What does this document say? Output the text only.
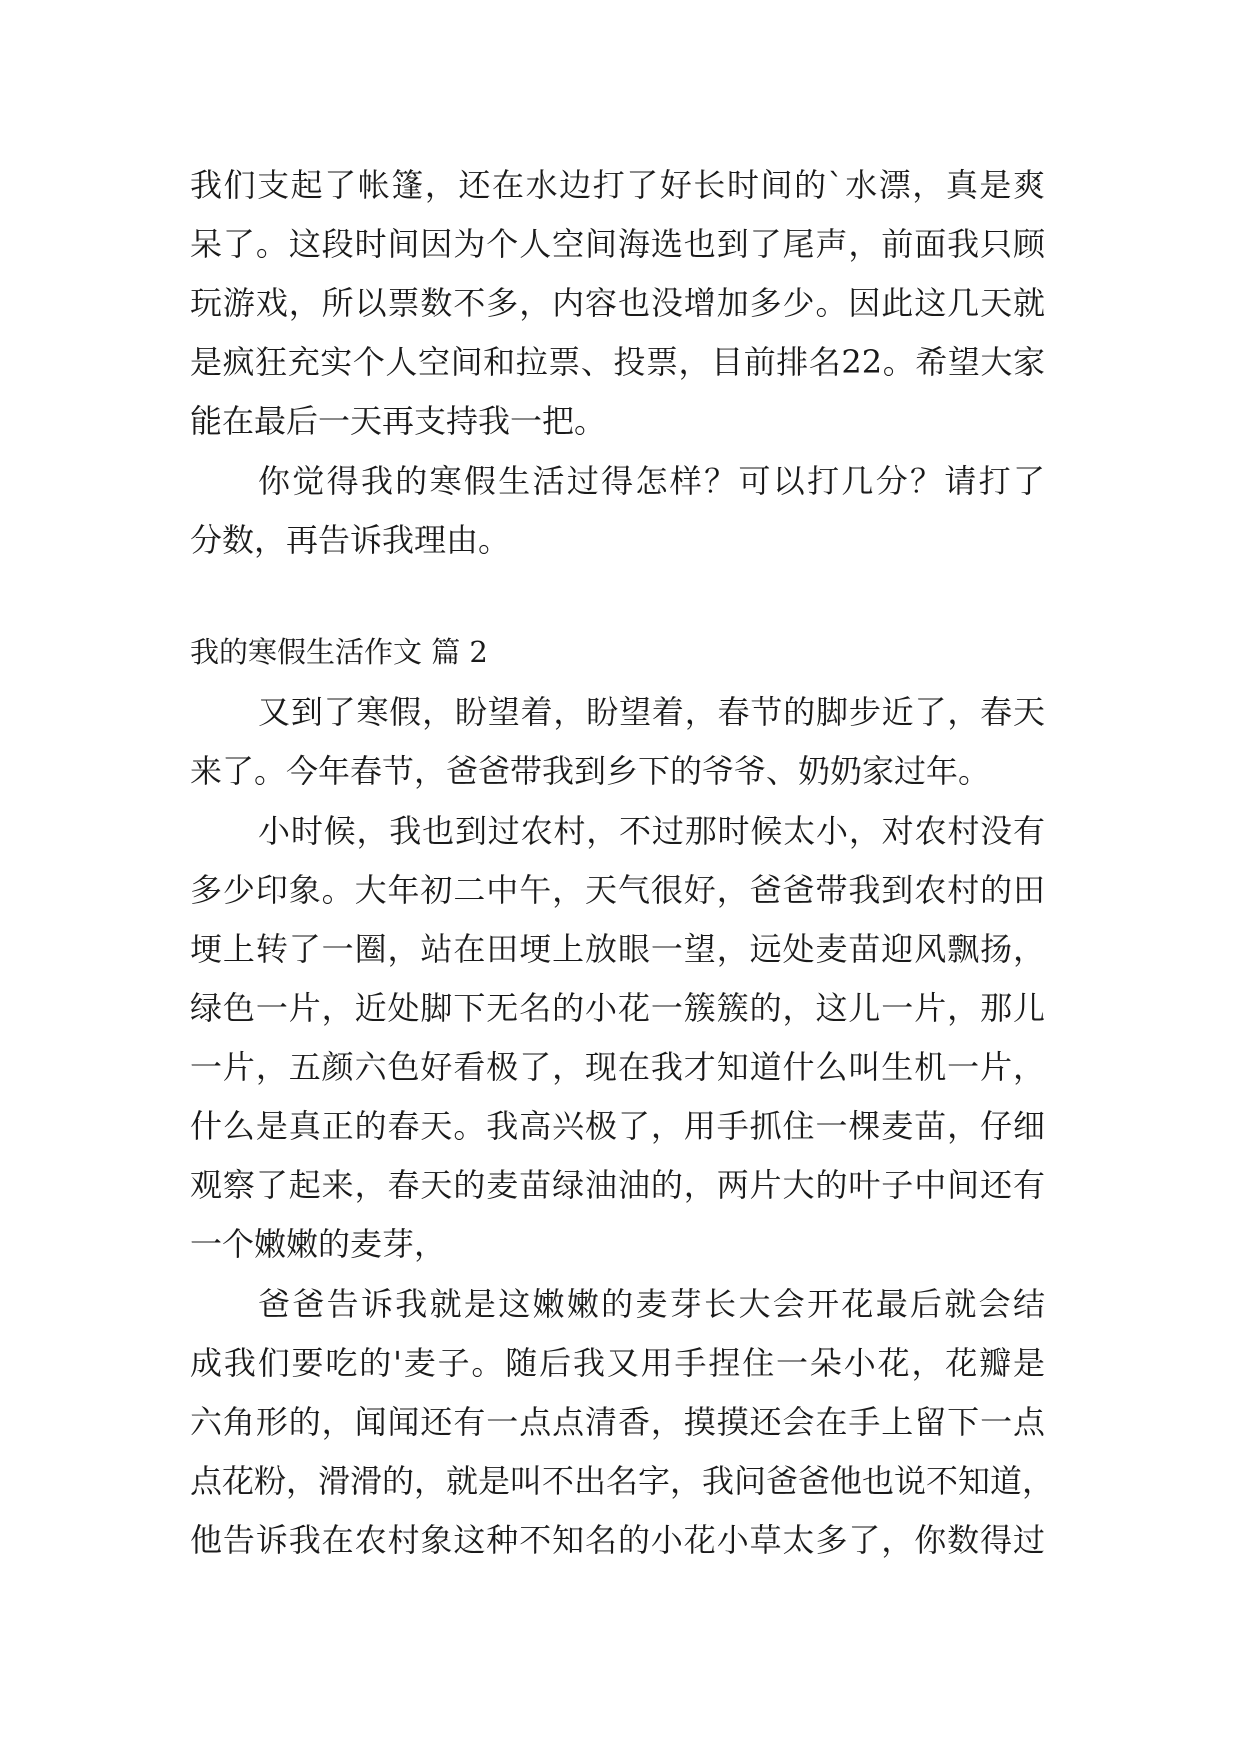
我们支起了帐篷，还在水边打了好长时间的`水漂，真是爽
呆了。这段时间因为个人空间海选也到了尾声，前面我只顾
玩游戏，所以票数不多，内容也没增加多少。因此这几天就
是疯狂充实个人空间和拉票、投票，目前排名22。希望大家
能在最后一天再支持我一把。
你觉得我的寒假生活过得怎样？可以打几分？请打了
分数，再告诉我理由。
我的寒假生活作文 篇 2
又到了寒假，盼望着，盼望着，春节的脚步近了，春天
来了。今年春节，爸爸带我到乡下的爷爷、奶奶家过年。
小时候，我也到过农村，不过那时候太小，对农村没有
多少印象。大年初二中午，天气很好，爸爸带我到农村的田
埂上转了一圈，站在田埂上放眼一望，远处麦苗迎风飘扬，
绿色一片，近处脚下无名的小花一簇簇的，这儿一片，那儿
一片，五颜六色好看极了，现在我才知道什么叫生机一片，
什么是真正的春天。我高兴极了，用手抓住一棵麦苗，仔细
观察了起来，春天的麦苗绿油油的，两片大的叶子中间还有
一个嫩嫩的麦芽，
爸爸告诉我就是这嫩嫩的麦芽长大会开花最后就会结
成我们要吃的'麦子。随后我又用手捏住一朵小花，花瓣是
六角形的，闻闻还有一点点清香，摸摸还会在手上留下一点
点花粉，滑滑的，就是叫不出名字，我问爸爸他也说不知道，
他告诉我在农村象这种不知名的小花小草太多了，你数得过
